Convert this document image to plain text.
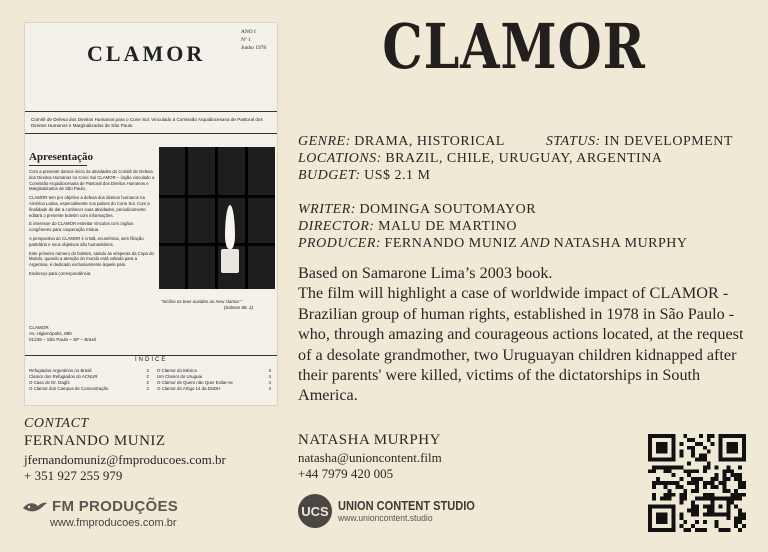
ANO I
Nº 1
Junho 1978
CLAMOR
Comitê de Defesa dos Direitos Humanos para o Cone Sul. Vinculado à Comissão Arquidiocesana de Pastoral dos Direitos Humanos e Marginalizados de São Paulo
Apresentação

Com a presente damos início às atividades do Comitê de Defesa dos Direitos Humanos no Cone Sul CLAMOR – órgão vinculado a Comissão Arquidiocesana de Pastoral dos Direitos Humanos e Marginalizados de São Paulo.

CLAMOR tem por objetivo a defesa dos direitos humanos na América Latina, especialmente nos países do Cone Sul. Com a finalidade de dar a conhecer suas atividades, periodicamente editará o presente boletim com informações.

É interesse do CLAMOR estreitar vínculos com órgãos congêneres para cooperação mútua.

A perspectiva do CLAMOR é cristã, ecumênica, sem filiação partidária e seus objetivos são humanitários.

Este primeiro número do boletim, saindo às vésperas da Copa do Mundo, quando a atenção do mundo está voltada para a Argentina, é dedicado exclusivamente àquele país.

Endereço para correspondência:

CLAMOR
Av. Higienópolis, 890
01238 – São Paulo – SP – Brasil
"Inclina os teus ouvidos ao meu clamor."
(Salmos 88, 2)
ÍNDICE
Refugiados Argentinos no Brasil	2
Clamor dos Refugiados do ACNUR	2
O Caso do Dr. Daghi	2
O Clamor dos Campos de Concentração	2
O Clamor do México	3
Um Clamor do Uruguai	4
O Clamor de Quem não Quer Exilar-se	4
O Clamor do Artigo 14 da DUDH	4
CLAMOR
GENRE: DRAMA, HISTORICAL	STATUS: IN DEVELOPMENT
LOCATIONS: BRAZIL, CHILE, URUGUAY, ARGENTINA
BUDGET: US$ 2.1 M
WRITER: DOMINGA SOUTOMAYOR
DIRECTOR: MALU DE MARTINO
PRODUCER: FERNANDO MUNIZ AND NATASHA MURPHY

Based on Samarone Lima’s 2003 book.

The film will highlight a case of worldwide impact of CLAMOR - Brazilian group of human rights, established in 1978 in São Paulo - who, through amazing and courageous actions located, at the request of a desolate grandmother, two Uruguayan children kidnapped after their parents' were killed, victims of the dictatorships in South America.

CONTACT
FERNANDO MUNIZ
jfernandomuniz@fmproducoes.com.br
+ 351 927 255 979
FM PRODUÇÕES
www.fmproducoes.com.br
NATASHA MURPHY
natasha@unioncontent.film
+44 7979 420 005
UCS UNION CONTENT STUDIO
www.unioncontent.studio
